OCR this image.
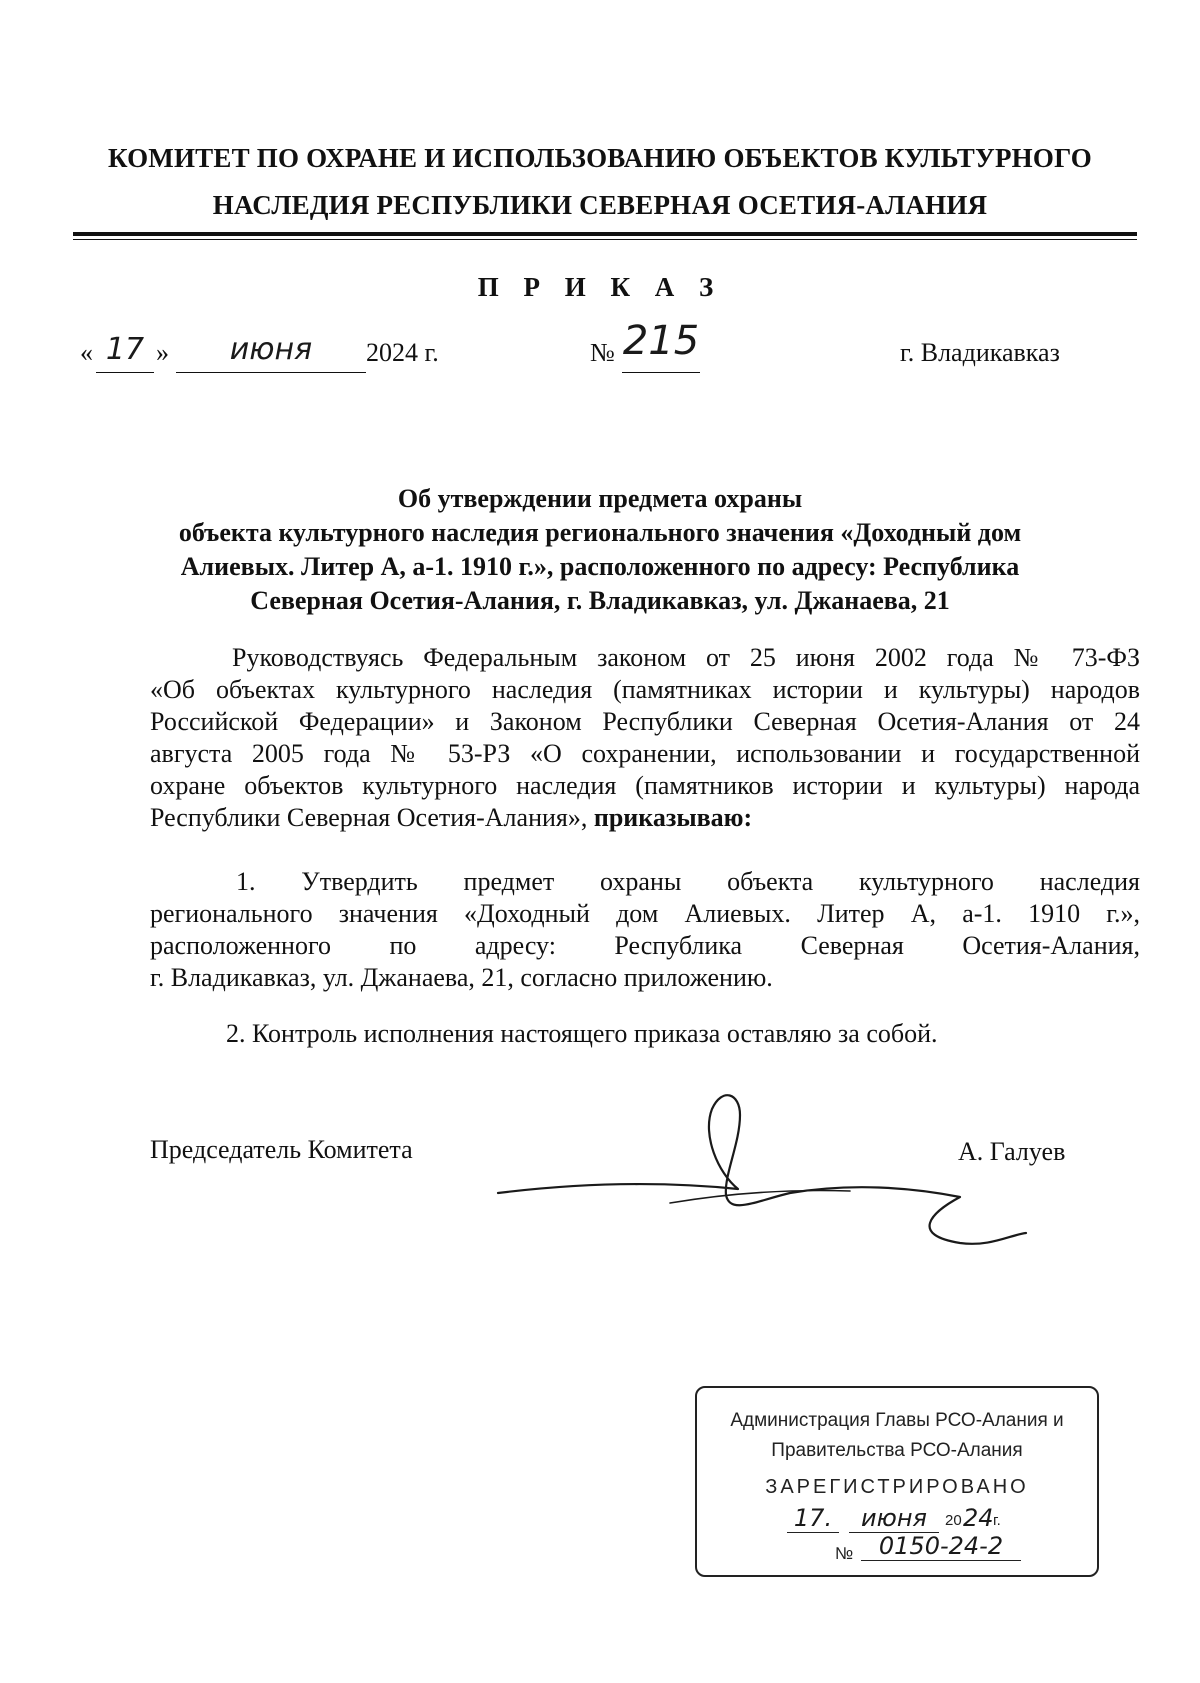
КОМИТЕТ ПО ОХРАНЕ И ИСПОЛЬЗОВАНИЮ ОБЪЕКТОВ КУЛЬТУРНОГО
НАСЛЕДИЯ РЕСПУБЛИКИ СЕВЕРНАЯ ОСЕТИЯ-АЛАНИЯ
П Р И К А З
« 17 »	июня	2024 г.	№ 215	г. Владикавказ
Об утверждении предмета охраны
объекта культурного наследия регионального значения «Доходный дом
Алиевых. Литер А, а-1. 1910 г.», расположенного по адресу: Республика
Северная Осетия-Алания, г. Владикавказ, ул. Джанаева, 21
Руководствуясь Федеральным законом от 25 июня 2002 года № 73-ФЗ
«Об объектах культурного наследия (памятниках истории и культуры) народов
Российской Федерации» и Законом Республики Северная Осетия-Алания от 24
августа 2005 года № 53-РЗ «О сохранении, использовании и государственной
охране объектов культурного наследия (памятников истории и культуры) народа
Республики Северная Осетия-Алания», приказываю:
1. Утвердить предмет охраны объекта культурного наследия
регионального значения «Доходный дом Алиевых. Литер А, а-1. 1910 г.»,
расположенного по адресу: Республика Северная Осетия-Алания,
г. Владикавказ, ул. Джанаева, 21, согласно приложению.
2. Контроль исполнения настоящего приказа оставляю за собой.
Председатель Комитета	А. Галуев
Администрация Главы РСО-Алания и
Правительства РСО-Алания
ЗАРЕГИСТРИРОВАНО
17.	июня	20 24 г.
№	0150-24-2
